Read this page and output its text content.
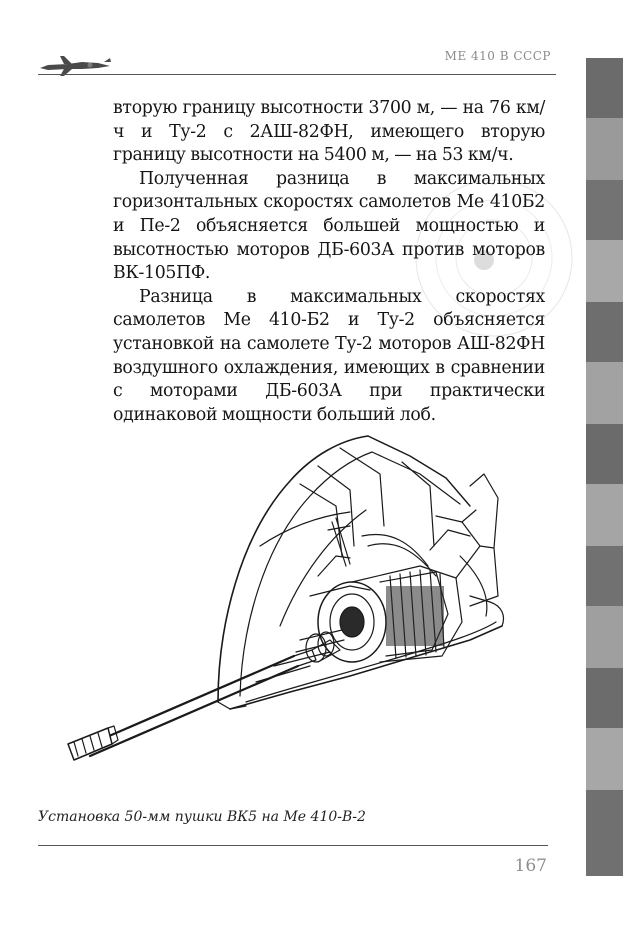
ME 410 В СССР

вторую границу высотности 3700 м, — на 76 км/ч и Ту-2 с 2АШ-82ФН, имеющего вторую границу высотности на 5400 м, — на 53 км/ч.

Полученная разница в максимальных горизонтальных скоростях самолетов Ме 410Б2 и Пе-2 объясняется большей мощностью и высотностью моторов ДБ-603А против моторов ВК-105ПФ.

Разница в максимальных скоростях самолетов Ме 410-Б2 и Ту-2 объясняется установкой на самолете Ту-2 моторов АШ-82ФН воздушного охлаждения, имеющих в сравнении с моторами ДБ-603А при практически одинаковой мощности больший лоб.

Установка 50-мм пушки ВК5 на Ме 410-В-2
167
